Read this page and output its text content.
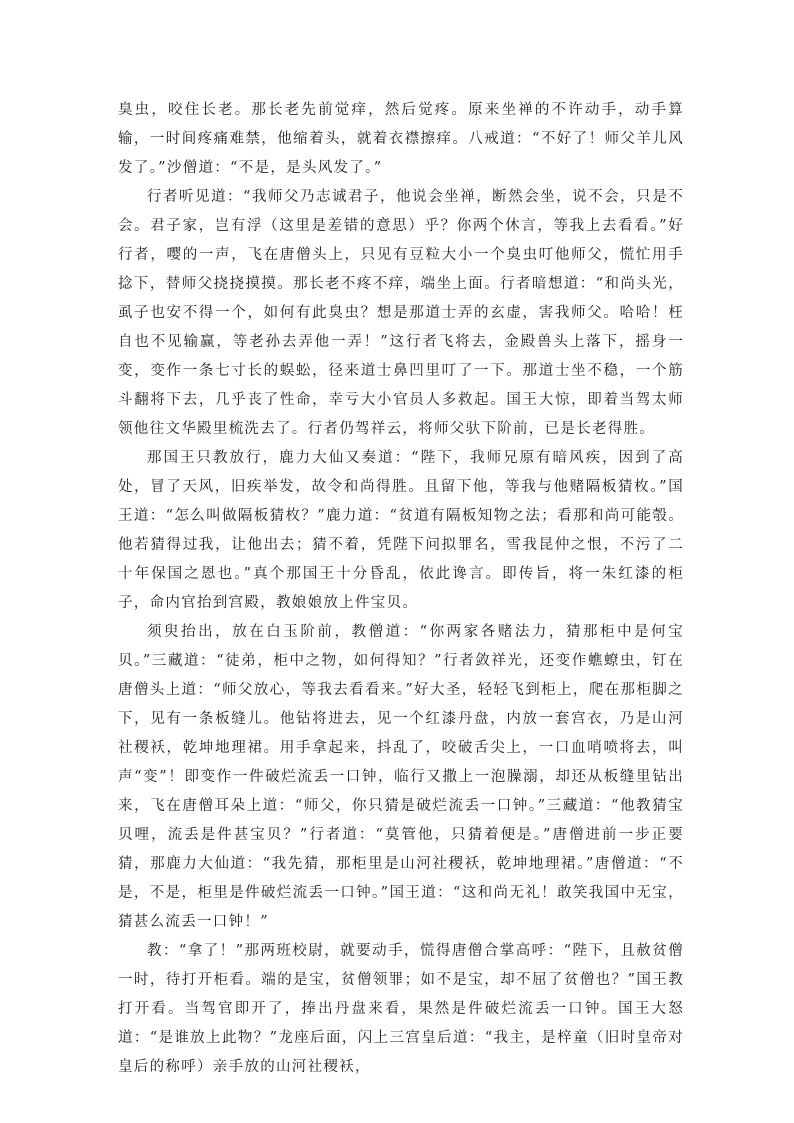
臭虫，咬住长老。那长老先前觉痒，然后觉疼。原来坐禅的不许动手，动手算输，一时间疼痛难禁，他缩着头，就着衣襟擦痒。八戒道：“不好了！师父羊儿风发了。”沙僧道：“不是，是头风发了。”

行者听见道：“我师父乃志诚君子，他说会坐禅，断然会坐，说不会，只是不会。君子家，岂有浮（这里是差错的意思）乎？你两个休言，等我上去看看。”好行者，嘤的一声，飞在唐僧头上，只见有豆粒大小一个臭虫叮他师父，慌忙用手捻下，替师父挠挠摸摸。那长老不疼不痒，端坐上面。行者暗想道：“和尚头光，虱子也安不得一个，如何有此臭虫？想是那道士弄的玄虚，害我师父。哈哈！枉自也不见输赢，等老孙去弄他一弄！”这行者飞将去，金殿兽头上落下，摇身一变，变作一条七寸长的蜈蚣，径来道士鼻凹里叮了一下。那道士坐不稳，一个筋斗翻将下去，几乎丧了性命，幸亏大小官员人多救起。国王大惊，即着当驾太师领他往文华殿里梳洗去了。行者仍驾祥云，将师父驮下阶前，已是长老得胜。

那国王只教放行，鹿力大仙又奏道：“陛下，我师兄原有暗风疾，因到了高处，冒了天风，旧疾举发，故令和尚得胜。且留下他，等我与他赌隔板猜枚。”国王道：“怎么叫做隔板猜枚？”鹿力道：“贫道有隔板知物之法；看那和尚可能彀。他若猜得过我，让他出去；猜不着，凭陛下问拟罪名，雪我昆仲之恨，不污了二十年保国之恩也。”真个那国王十分昏乱，依此谗言。即传旨，将一朱红漆的柜子，命内官抬到宫殿，教娘娘放上件宝贝。

须臾抬出，放在白玉阶前，教僧道：“你两家各赌法力，猜那柜中是何宝贝。”三藏道：“徒弟，柜中之物，如何得知？”行者敛祥光，还变作蟭蟟虫，钉在唐僧头上道：“师父放心，等我去看看来。”好大圣，轻轻飞到柜上，爬在那柜脚之下，见有一条板缝儿。他钻将进去，见一个红漆丹盘，内放一套宫衣，乃是山河社稷袄，乾坤地理裙。用手拿起来，抖乱了，咬破舌尖上，一口血哨喷将去，叫声“变”！即变作一件破烂流丢一口钟，临行又撒上一泡臊溺，却还从板缝里钻出来，飞在唐僧耳朵上道：“师父，你只猜是破烂流丢一口钟。”三藏道：“他教猜宝贝哩，流丢是件甚宝贝？”行者道：“莫管他，只猜着便是。”唐僧进前一步正要猜，那鹿力大仙道：“我先猜，那柜里是山河社稷袄，乾坤地理裙。”唐僧道：“不是，不是，柜里是件破烂流丢一口钟。”国王道：“这和尚无礼！敢笑我国中无宝，猜甚么流丢一口钟！”

教：“拿了！”那两班校尉，就要动手，慌得唐僧合掌高呼：“陛下，且赦贫僧一时，待打开柜看。端的是宝，贫僧领罪；如不是宝，却不屈了贫僧也？”国王教打开看。当驾官即开了，捧出丹盘来看，果然是件破烂流丢一口钟。国王大怒道：“是谁放上此物？”龙座后面，闪上三宫皇后道：“我主，是梓童（旧时皇帝对皇后的称呼）亲手放的山河社稷袄，
